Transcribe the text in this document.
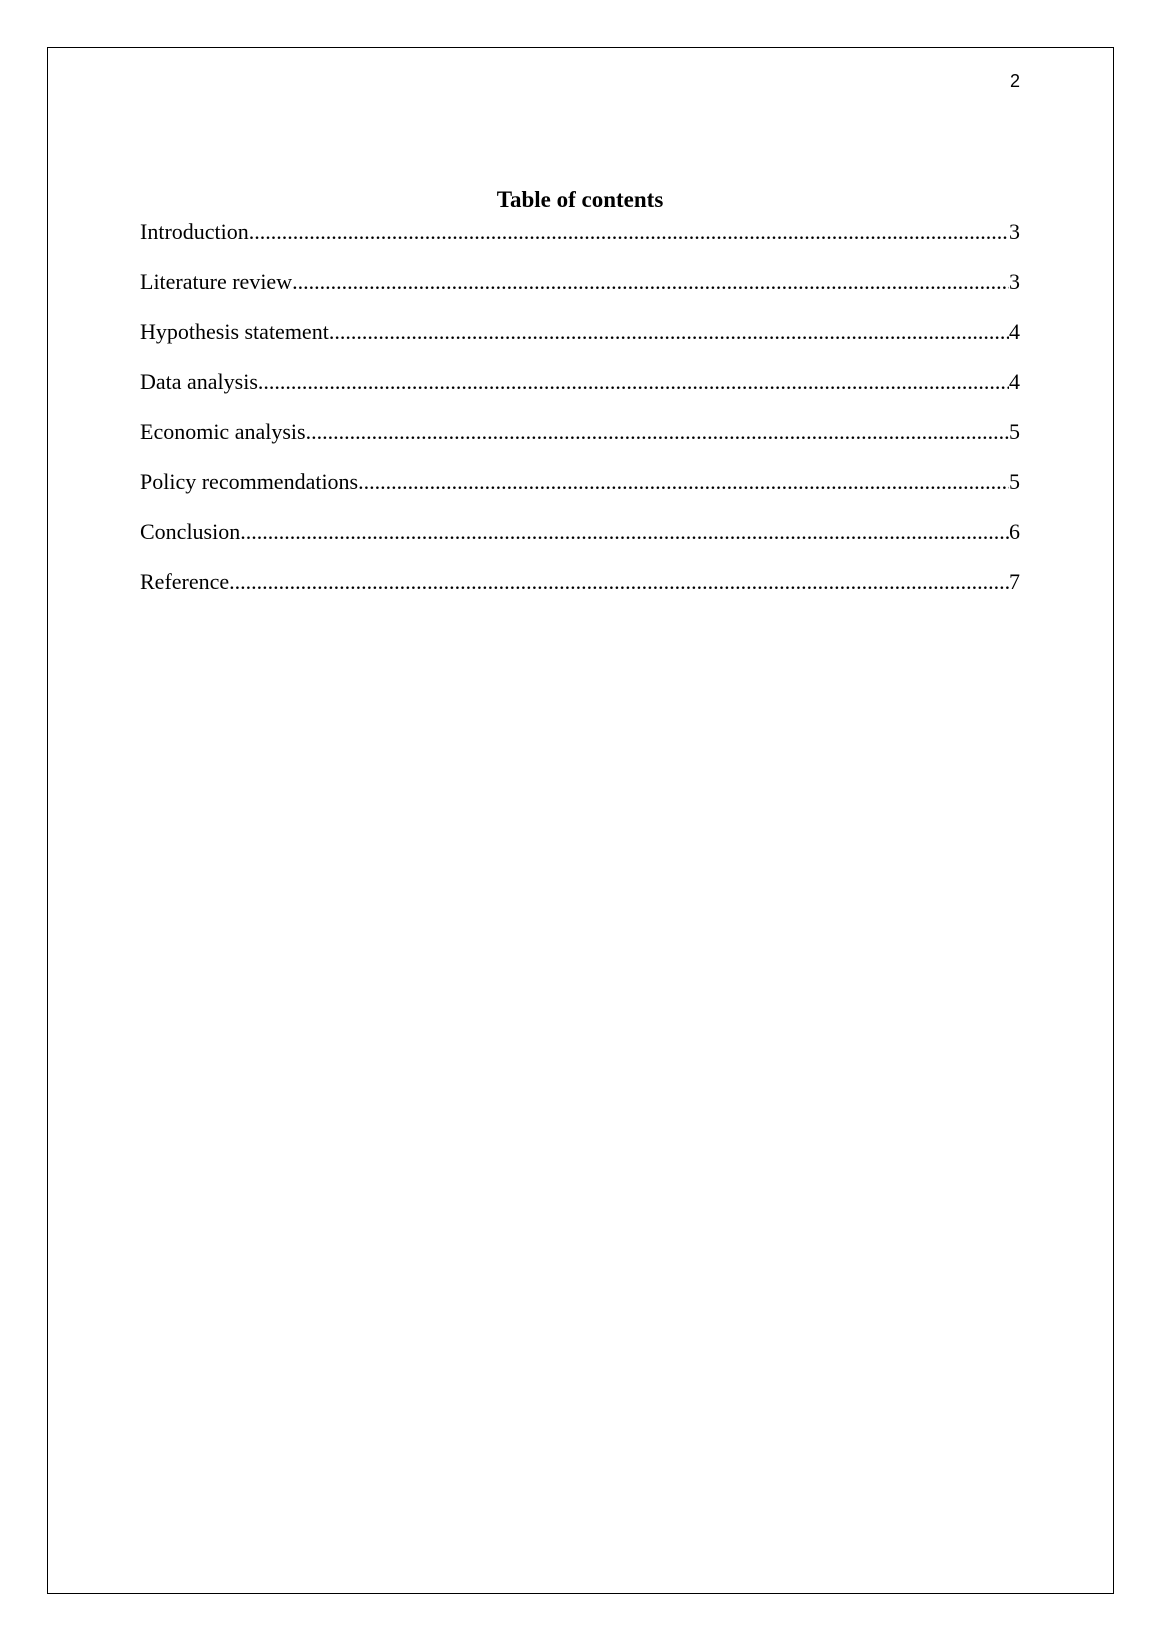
2
Table of contents
Introduction .....	3
Literature review .....	3
Hypothesis statement .....	4
Data analysis .....	4
Economic analysis .....	5
Policy recommendations .....	5
Conclusion .....	6
Reference .....	7
